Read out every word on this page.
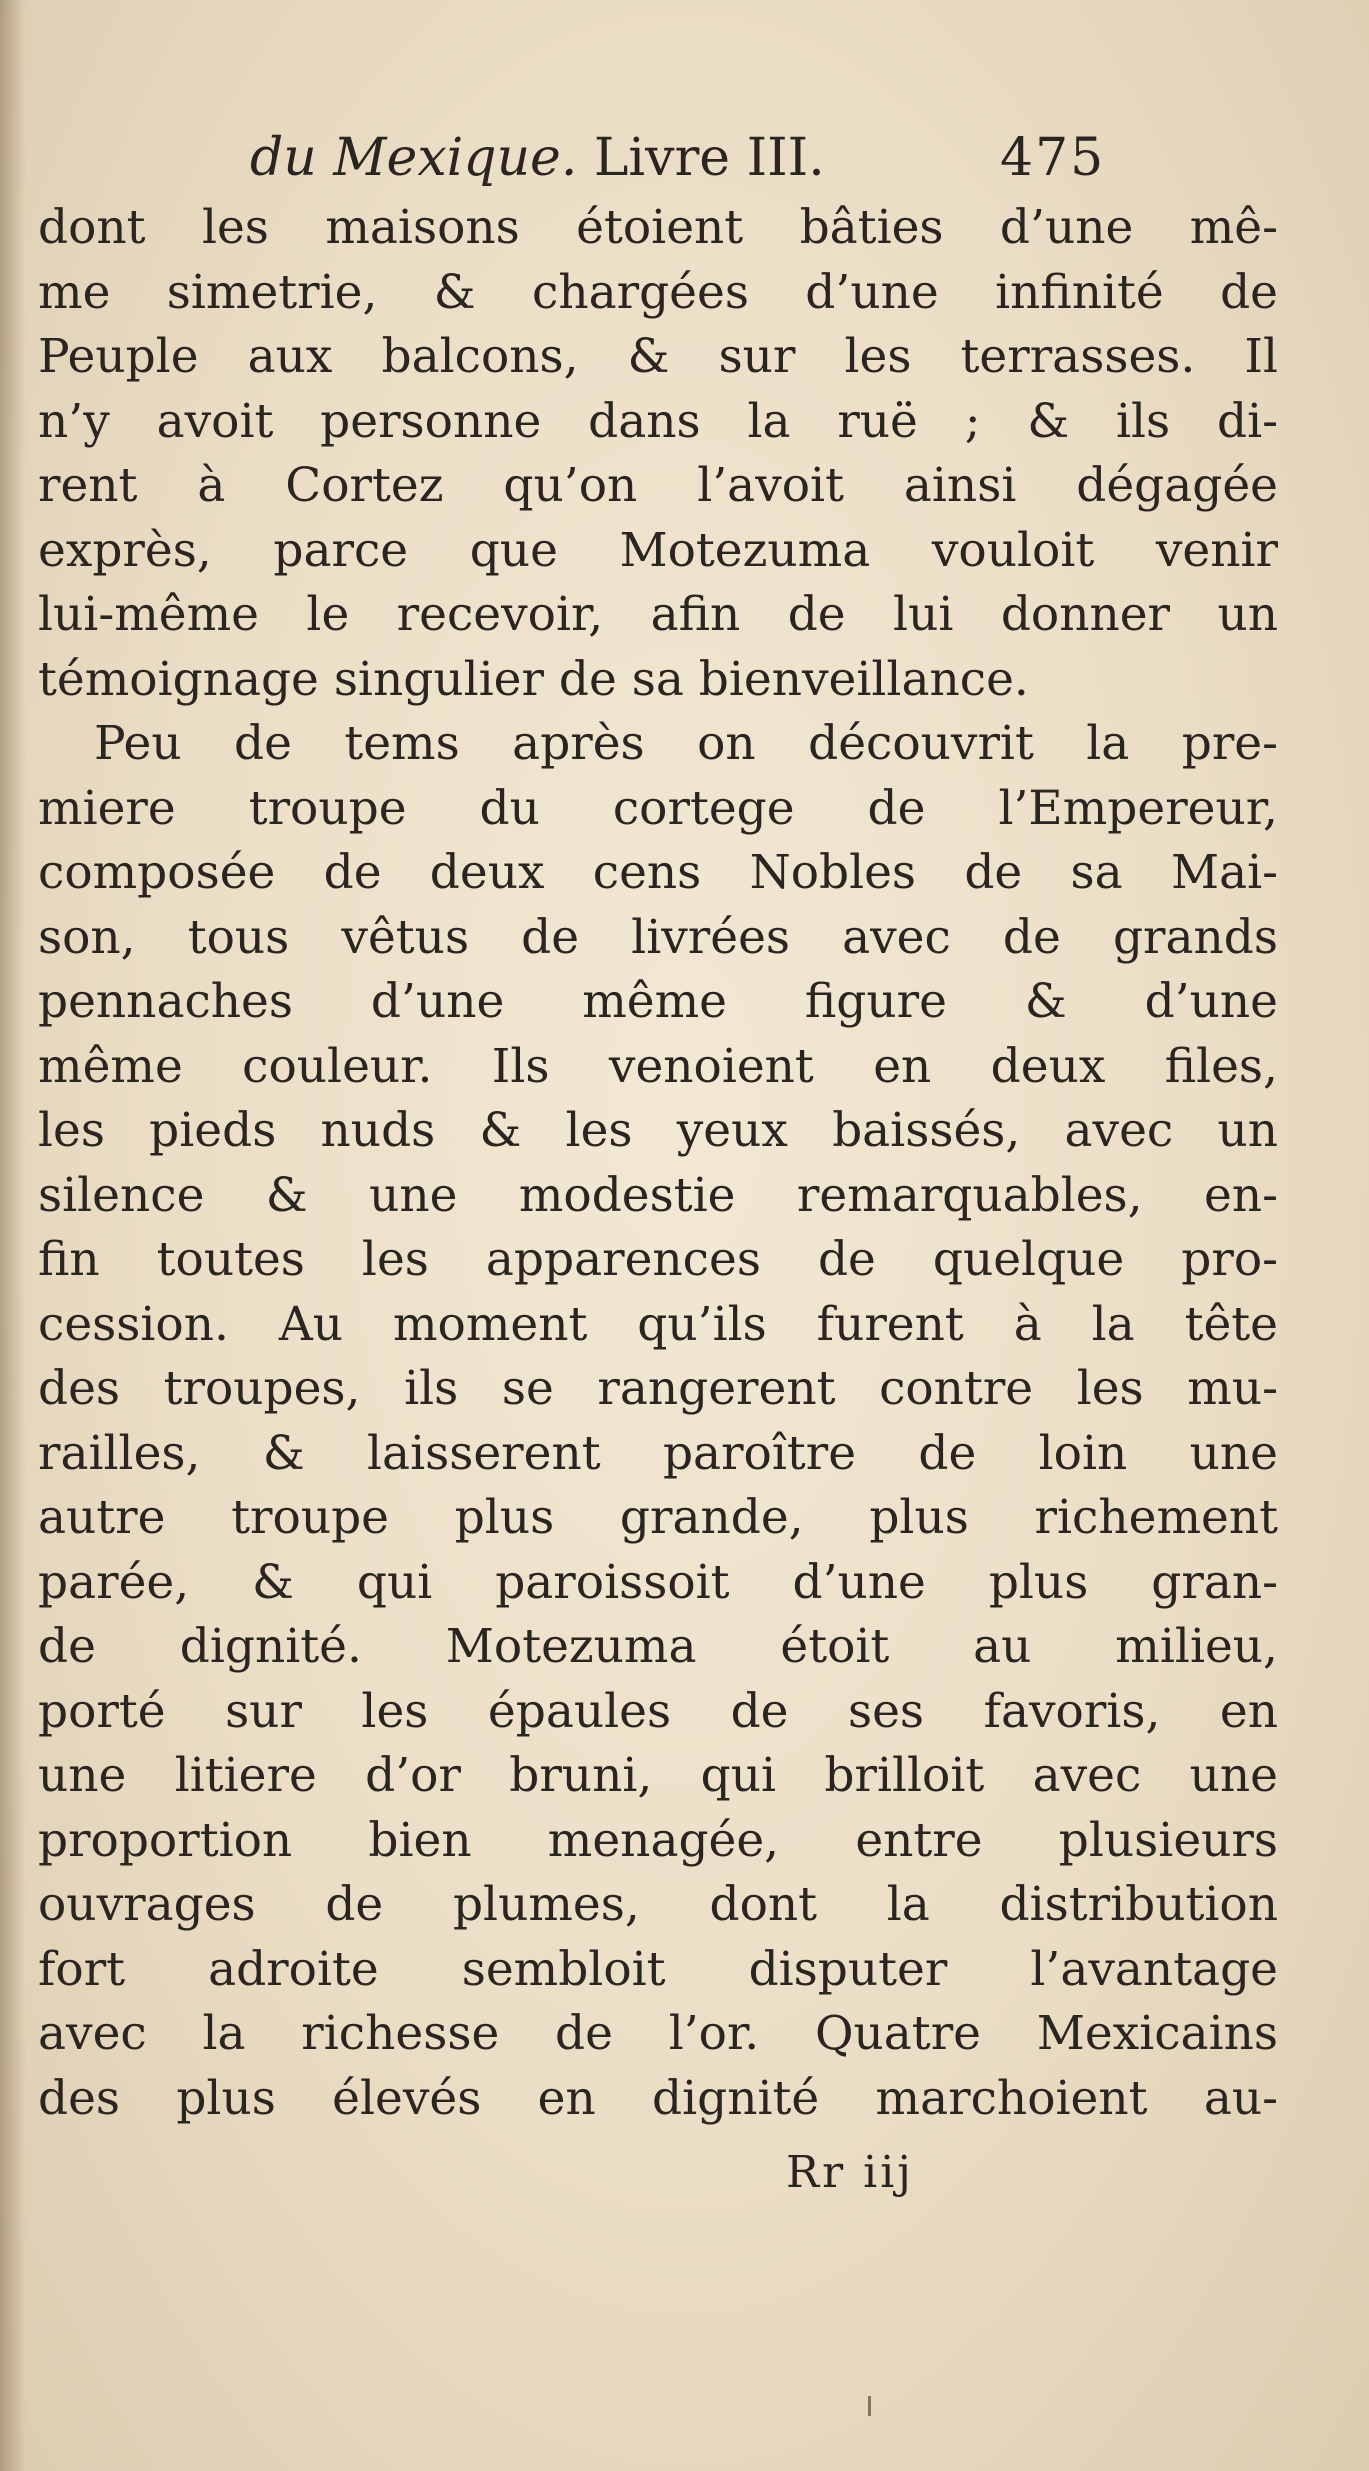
du Mexique. Livre III.	475
dont les maisons étoient bâties d’une mê-
me simetrie, & chargées d’une infinité de
Peuple aux balcons, & sur les terrasses. Il
n’y avoit personne dans la ruë ; & ils di-
rent à Cortez qu’on l’avoit ainsi dégagée
exprès, parce que Motezuma vouloit venir
lui-même le recevoir, afin de lui donner un
témoignage singulier de sa bienveillance.
Peu de tems après on découvrit la pre-
miere troupe du cortege de l’Empereur,
composée de deux cens Nobles de sa Mai-
son, tous vêtus de livrées avec de grands
pennaches d’une même figure & d’une
même couleur. Ils venoient en deux files,
les pieds nuds & les yeux baissés, avec un
silence & une modestie remarquables, en-
fin toutes les apparences de quelque pro-
cession. Au moment qu’ils furent à la tête
des troupes, ils se rangerent contre les mu-
railles, & laisserent paroître de loin une
autre troupe plus grande, plus richement
parée, & qui paroissoit d’une plus gran-
de dignité. Motezuma étoit au milieu,
porté sur les épaules de ses favoris, en
une litiere d’or bruni, qui brilloit avec une
proportion bien menagée, entre plusieurs
ouvrages de plumes, dont la distribution
fort adroite sembloit disputer l’avantage
avec la richesse de l’or. Quatre Mexicains
des plus élevés en dignité marchoient au-
Rr iij
